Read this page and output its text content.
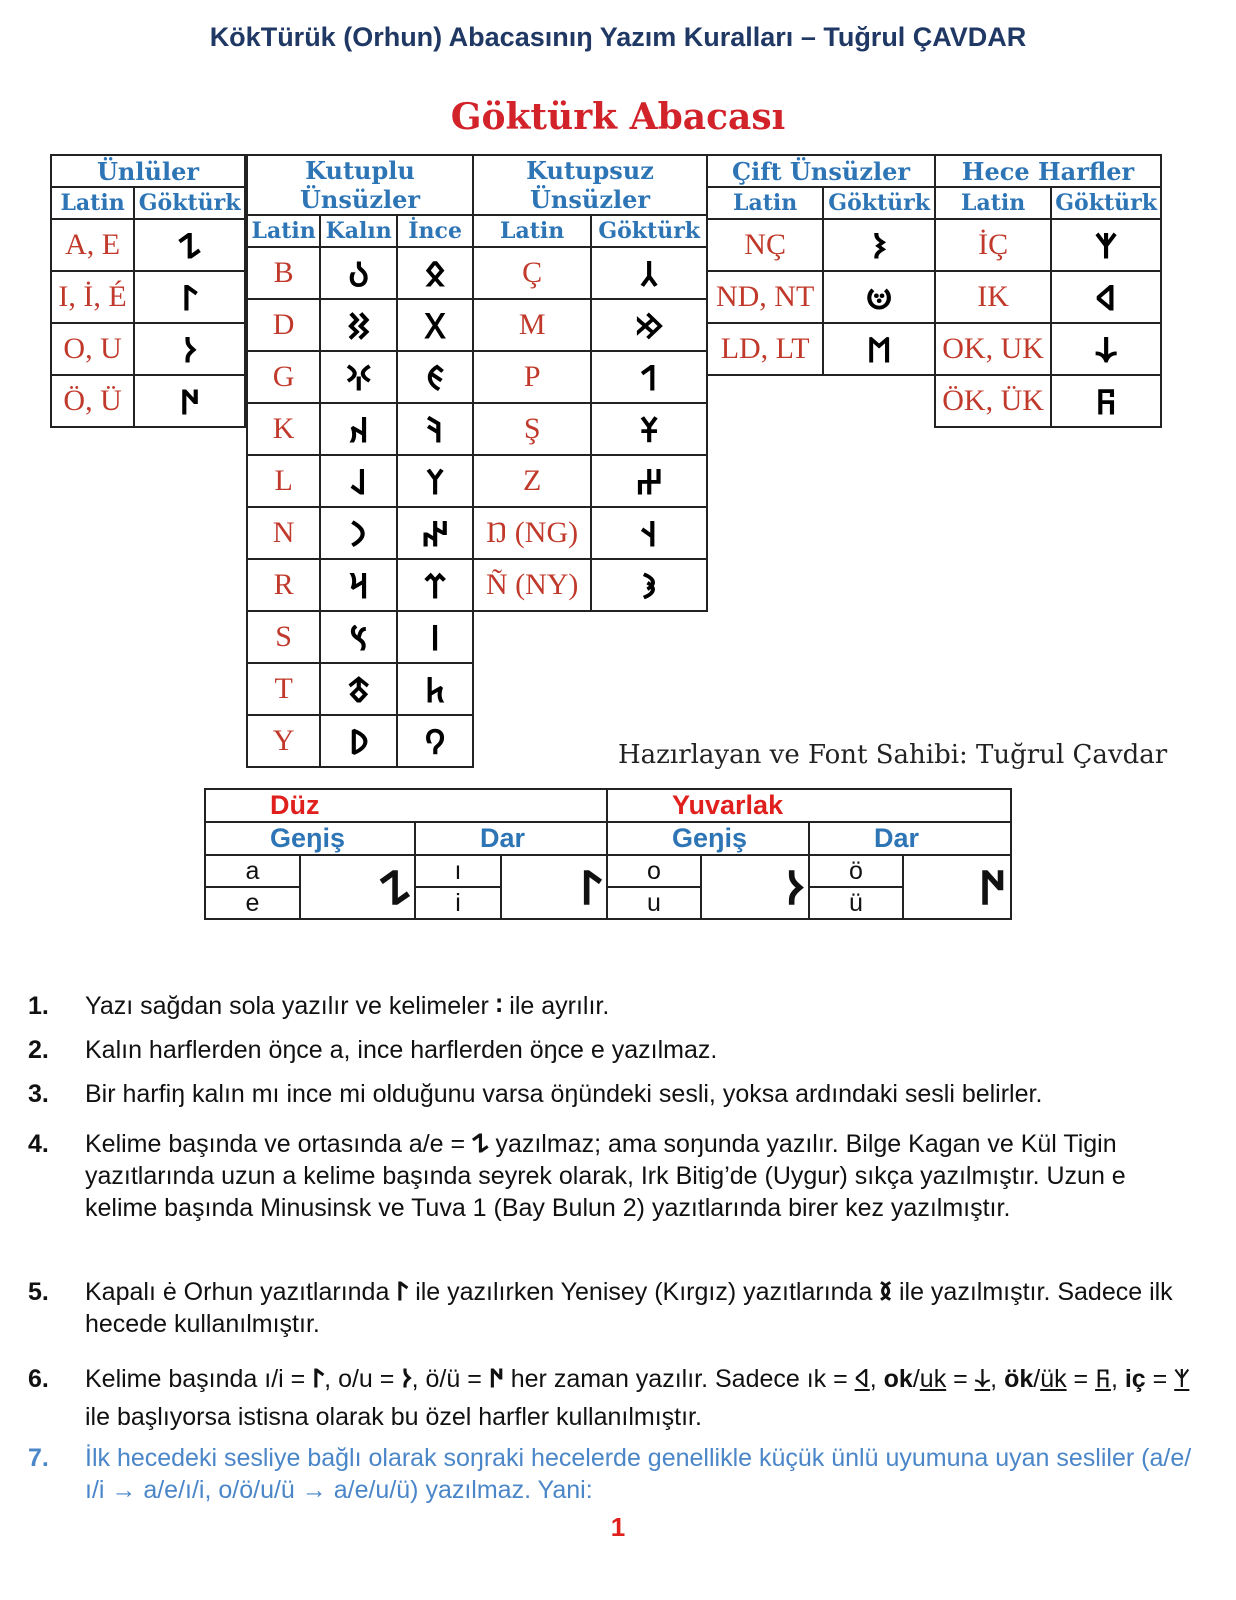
KökTürük (Orhun) Abacasınıŋ Yazım Kuralları – Tuğrul ÇAVDAR
Göktürk Abacası
Ünlüler	
Latin	Göktürk
A, E	𐰁
I, İ, É	𐰃
O, U	𐰆
Ö, Ü	𐰇
Kutuplu Ünsüzler		
Latin	Kalın	İnce
B	𐰉	𐰋
D	𐰑	𐰓
G	𐰍	𐰏
K	𐰴	𐰚
L	𐰞	𐰠
N	𐰣	𐰤
R	𐰺	𐰼
S	𐰽	𐰾
T	𐱃	𐱅
Y	𐰖	𐰘
Kutupsuz Ünsüzler	
Latin	Göktürk
Ç	𐰲
M	𐰢
P	𐰯
Ş	𐱁
Z	𐰔
Ŋ (NG)	𐰭
Ñ (NY)	𐰪
Çift Ünsüzler	
Latin	Göktürk
NÇ	𐰨
ND, NT	𐰦
LD, LT	𐰡
Hece Harfler	
Latin	Göktürk
İÇ	𐰱
IK	𐰶
OK, UK	𐰸
ÖK, ÜK	𐰜
Hazırlayan ve Font Sahibi: Tuğrul Çavdar
Düz				Yuvarlak			
Geŋiş		Dar		Geŋiş		Dar	
a	𐰁	ı	𐰃	o	𐰆	ö	𐰇
e		i		u		ü	
1. Yazı sağdan sola yazılır ve kelimeler ∶ ile ayrılır.
2. Kalın harflerden öŋce a, ince harflerden öŋce e yazılmaz.
3. Bir harfiŋ kalın mı ince mi olduğunu varsa öŋündeki sesli, yoksa ardındaki sesli belirler.
4. Kelime başında ve ortasında a/e = 𐰁 yazılmaz; ama soŋunda yazılır. Bilge Kagan ve Kül Tigin yazıtlarında uzun a kelime başında seyrek olarak, Irk Bitig’de (Uygur) sıkça yazılmıştır. Uzun e kelime başında Minusinsk ve Tuva 1 (Bay Bulun 2) yazıtlarında birer kez yazılmıştır.
5. Kapalı ė Orhun yazıtlarında 𐰃 ile yazılırken Yenisey (Kırgız) yazıtlarında 𐰅 ile yazılmıştır. Sadece ilk hecede kullanılmıştır.
6. Kelime başında ı/i = 𐰃, o/u = 𐰆, ö/ü = 𐰇 her zaman yazılır. Sadece ık = 𐰶, ok/uk = 𐰸, ök/ük = 𐰜, iç = 𐰱 ile başlıyorsa istisna olarak bu özel harfler kullanılmıştır.
7. İlk hecedeki sesliye bağlı olarak soŋraki hecelerde genellikle küçük ünlü uyumuna uyan sesliler (a/e/ı/i → a/e/ı/i, o/ö/u/ü → a/e/u/ü) yazılmaz. Yani:
1
